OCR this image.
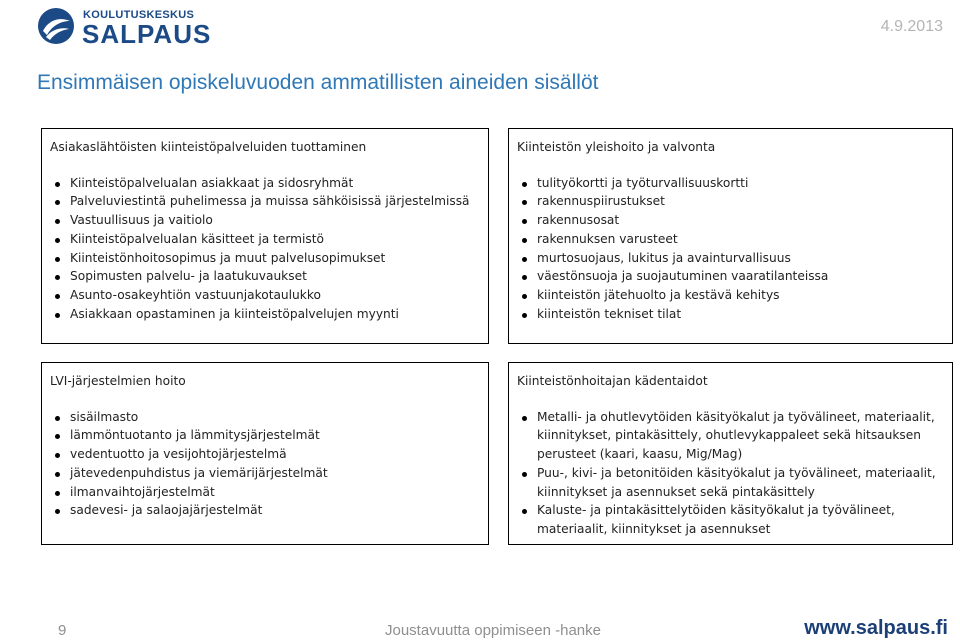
KOULUTUSKESKUS
SALPAUS	4.9.2013
Ensimmäisen opiskeluvuoden ammatillisten aineiden sisällöt

Asiakaslähtöisten kiinteistöpalveluiden tuottaminen

Kiinteistöpalvelualan asiakkaat ja sidosryhmät
Palveluviestintä puhelimessa ja muissa sähköisissä järjestelmissä
Vastuullisuus ja vaitiolo
Kiinteistöpalvelualan käsitteet ja termistö
Kiinteistönhoitosopimus ja muut palvelusopimukset
Sopimusten palvelu- ja laatukuvaukset
Asunto-osakeyhtiön vastuunjakotaulukko
Asiakkaan opastaminen ja kiinteistöpalvelujen myynti

Kiinteistön yleishoito ja valvonta

tulityökortti ja työturvallisuuskortti
rakennuspiirustukset
rakennusosat
rakennuksen varusteet
murtosuojaus, lukitus ja avainturvallisuus
väestönsuoja ja suojautuminen vaaratilanteissa
kiinteistön jätehuolto ja kestävä kehitys
kiinteistön tekniset tilat

LVI-järjestelmien hoito

sisäilmasto
lämmöntuotanto ja lämmitysjärjestelmät
vedentuotto ja vesijohtojärjestelmä
jätevedenpuhdistus ja viemärijärjestelmät
ilmanvaihtojärjestelmät
sadevesi- ja salaojajärjestelmät

Kiinteistönhoitajan kädentaidot

Metalli- ja ohutlevytöiden käsityökalut ja työvälineet, materiaalit, kiinnitykset, pintakäsittely, ohutlevykappaleet sekä hitsauksen perusteet (kaari, kaasu, Mig/Mag)
Puu-, kivi- ja betonitöiden käsityökalut ja työvälineet, materiaalit, kiinnitykset ja asennukset sekä pintakäsittely
Kaluste- ja pintakäsittelytöiden käsityökalut ja työvälineet, materiaalit, kiinnitykset ja asennukset
9	Joustavuutta oppimiseen -hanke	www.salpaus.fi
